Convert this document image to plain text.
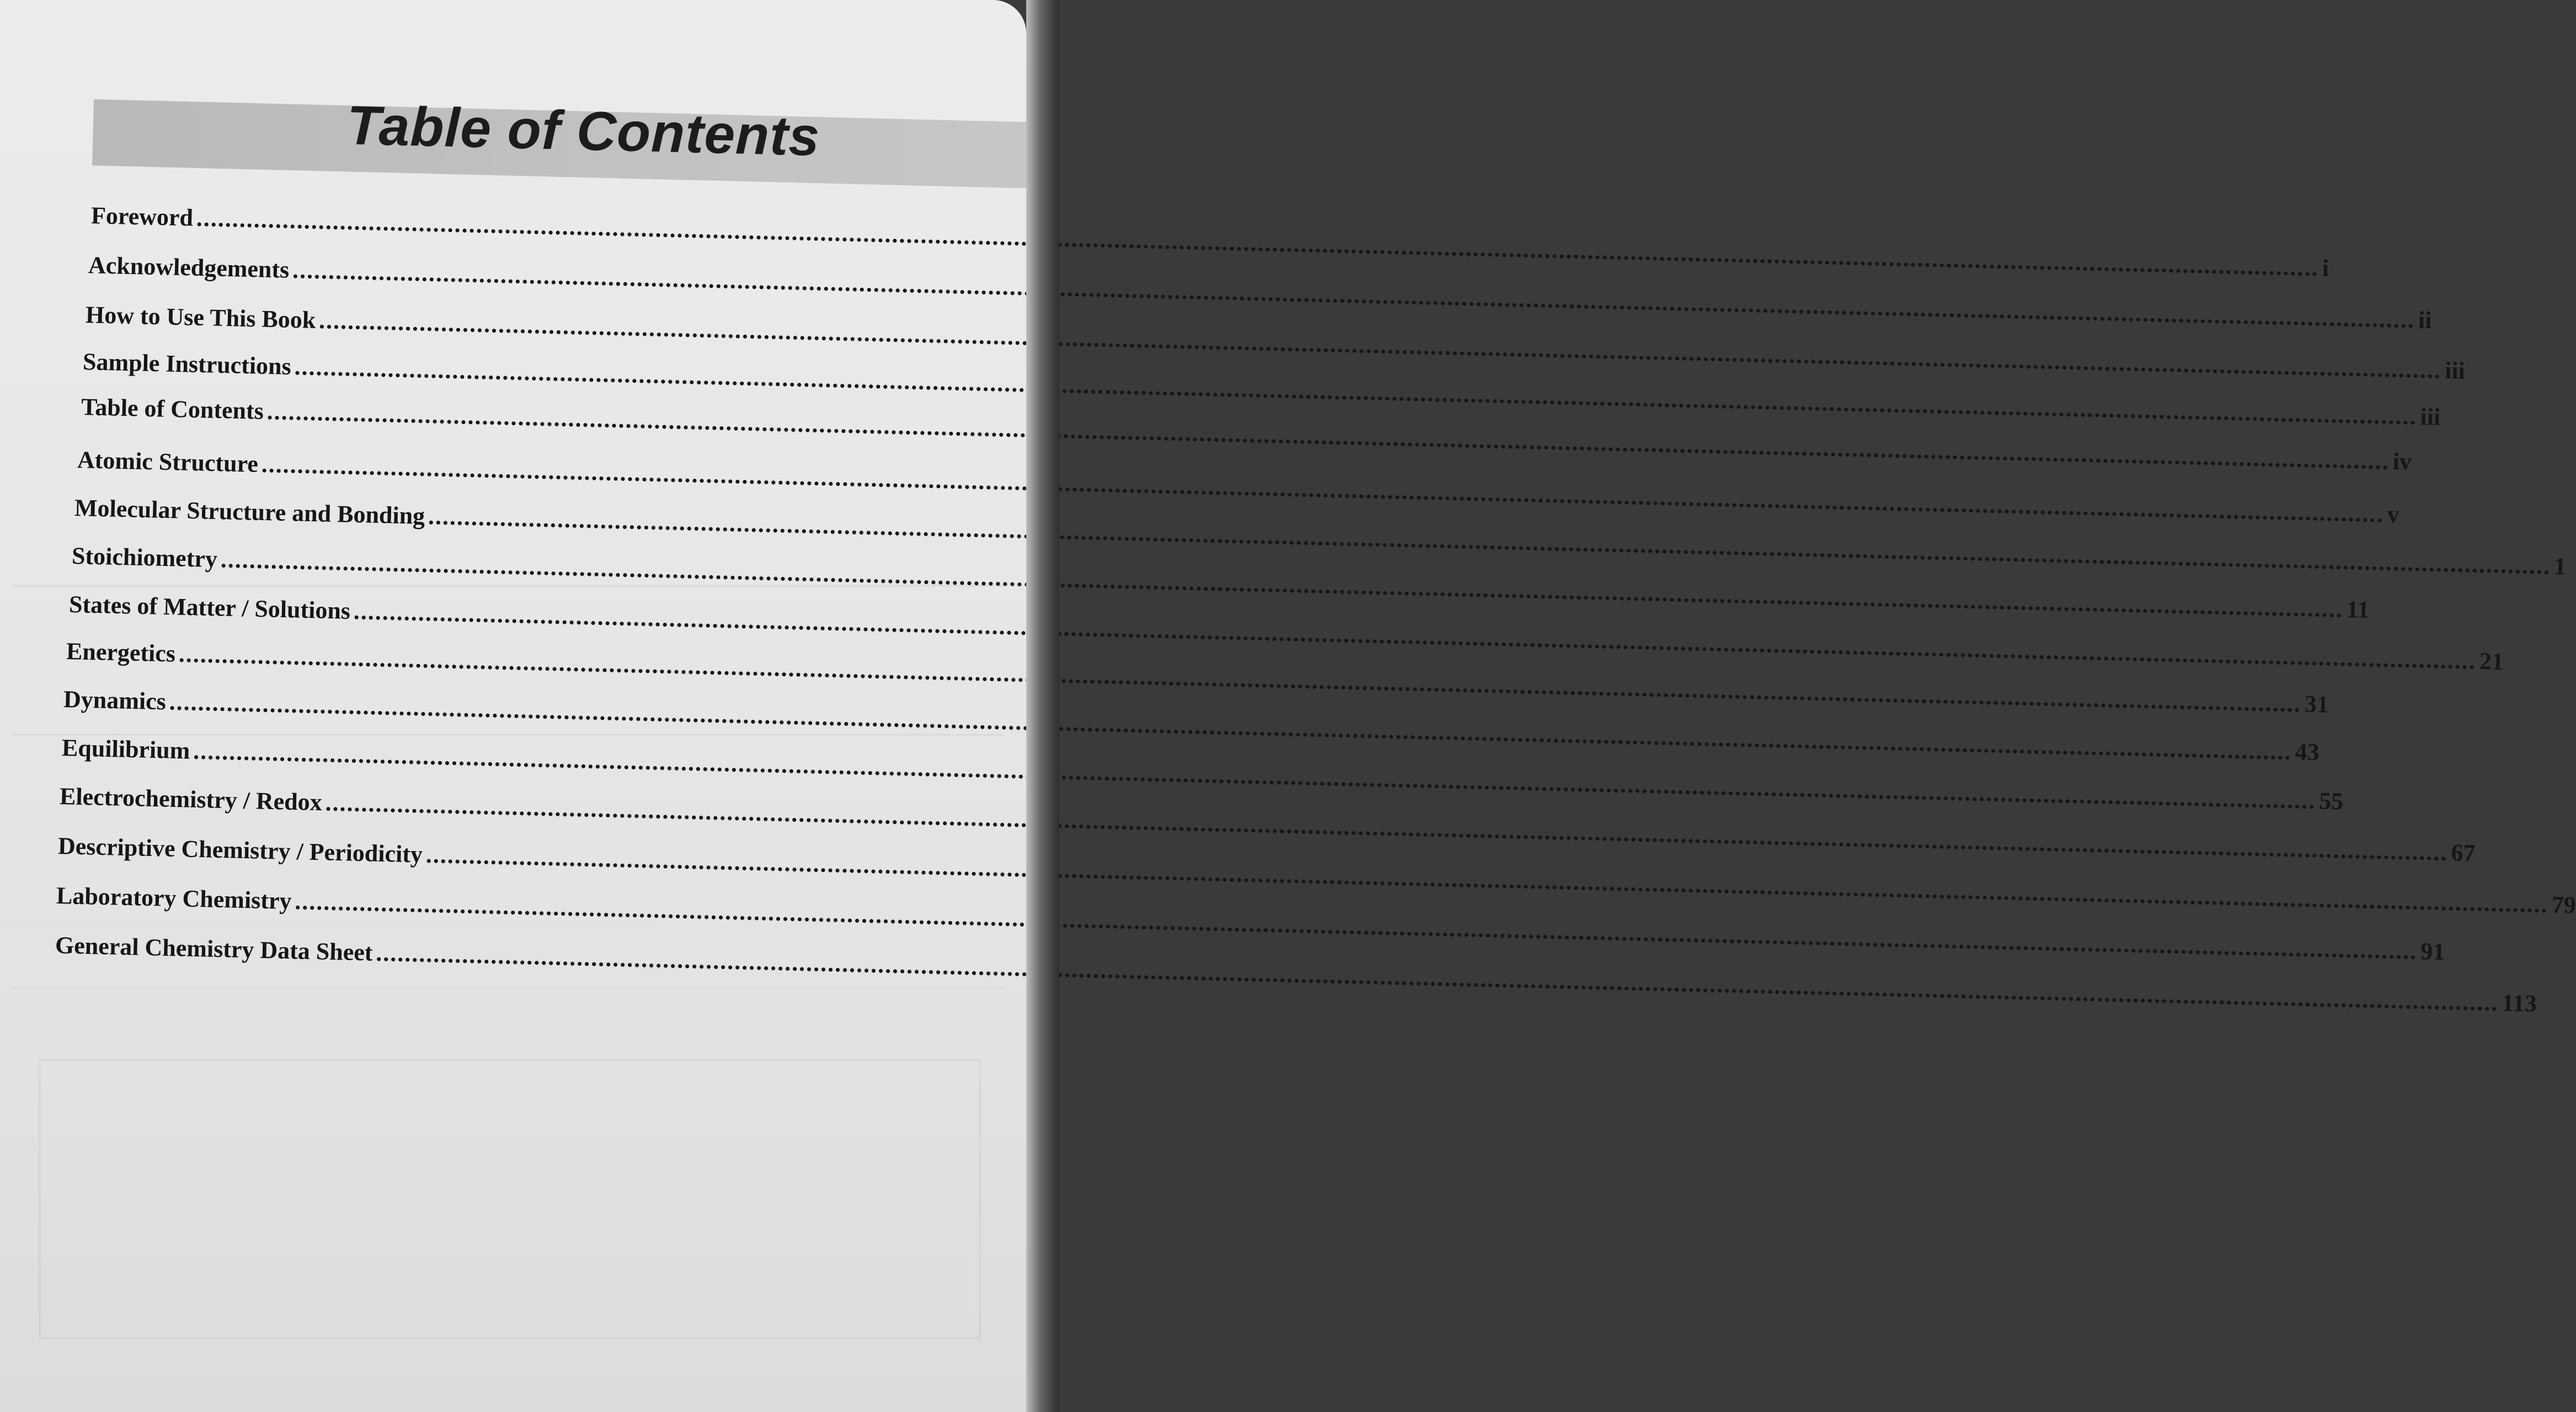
Table of Contents
Foreword
.....
i
Acknowledgements
.....
ii
How to Use This Book
.....
iii
Sample Instructions
.....
iii
Table of Contents
.....
iv
Atomic Structure
.....
v
Molecular Structure and Bonding
.....
1
Stoichiometry
.....
11
States of Matter / Solutions
.....
21
Energetics
.....
31
Dynamics
.....
43
Equilibrium
.....
55
Electrochemistry / Redox
.....
67
Descriptive Chemistry / Periodicity
.....
79
Laboratory Chemistry
.....
91
General Chemistry Data Sheet
.....
113
